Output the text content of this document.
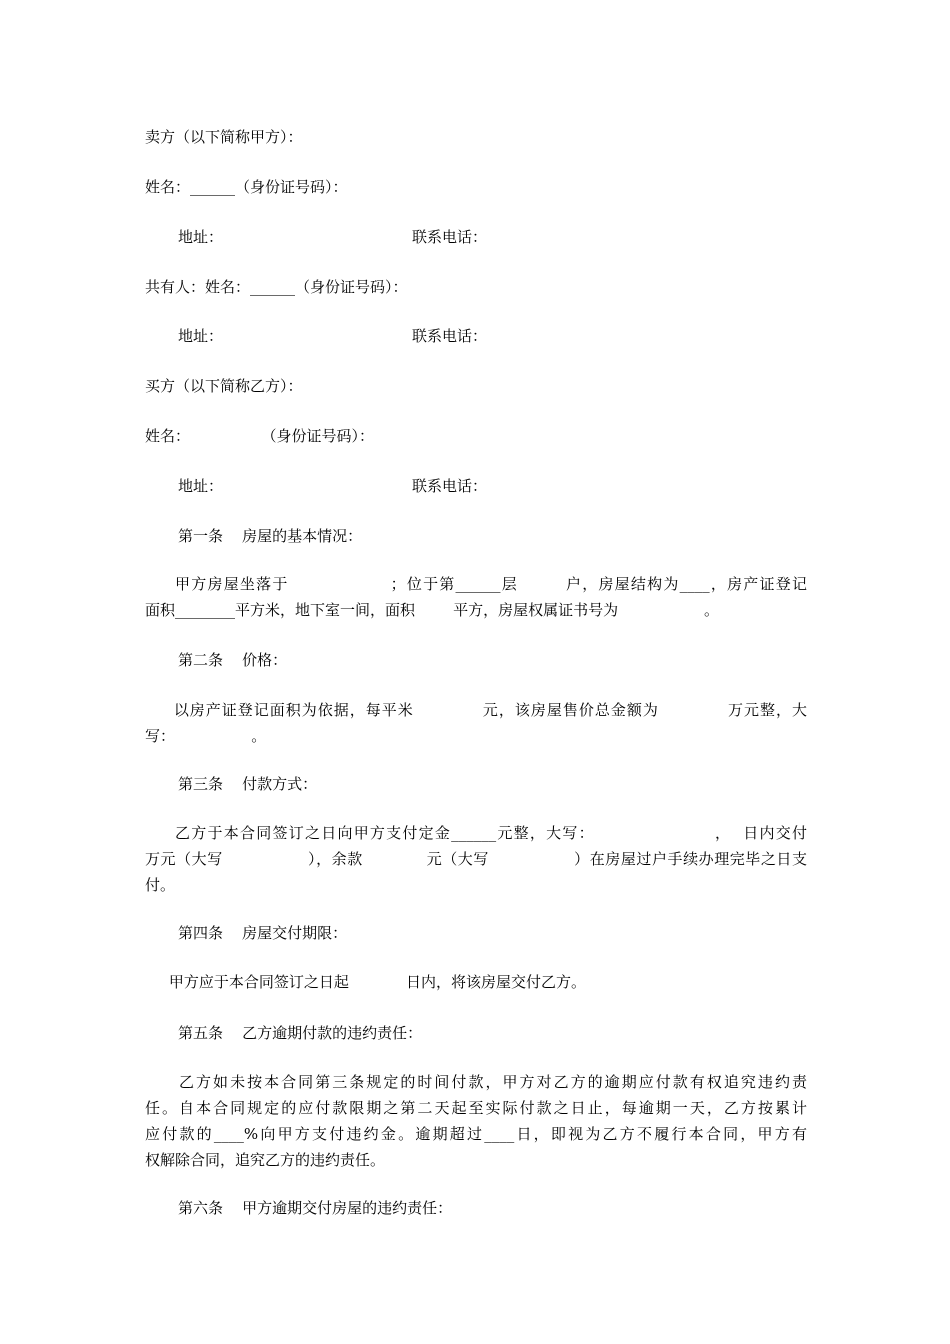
卖方（以下简称甲方）：
姓名：______（身份证号码）：
地址：	联系电话：
共有人：姓名：______（身份证号码）：
地址：	联系电话：
买方（以下简称乙方）：
姓名：               （身份证号码）：
地址：	联系电话：
第一条    房屋的基本情况：
甲方房屋坐落于                 ；位于第______层        户，房屋结构为____，房产证登记
面积________平方米，地下室一间，面积        平方，房屋权属证书号为                  。
第二条    价格：
以房产证登记面积为依据，每平米            元，该房屋售价总金额为            万元整，大
写：                。
第三条    付款方式：
乙方于本合同签订之日向甲方支付定金______元整，大写：                    ，  日内交付
万元（大写                ），余款            元（大写                ）在房屋过户手续办理完毕之日支
付。
第四条    房屋交付期限：
甲方应于本合同签订之日起            日内，将该房屋交付乙方。
第五条    乙方逾期付款的违约责任：
乙方如未按本合同第三条规定的时间付款，甲方对乙方的逾期应付款有权追究违约责
任。自本合同规定的应付款限期之第二天起至实际付款之日止，每逾期一天，乙方按累计
应付款的____%向甲方支付违约金。逾期超过____日，即视为乙方不履行本合同，甲方有
权解除合同，追究乙方的违约责任。
第六条    甲方逾期交付房屋的违约责任：
